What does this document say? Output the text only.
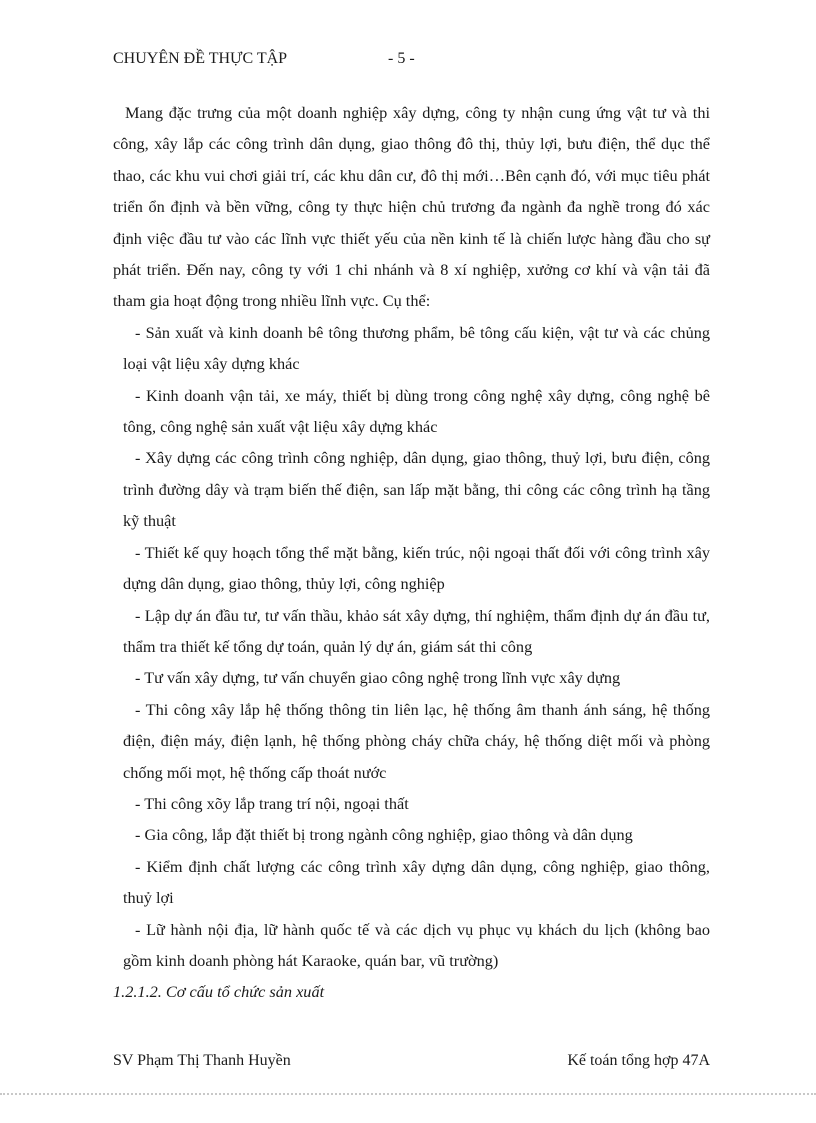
CHUYÊN ĐỀ THỰC TẬP	- 5 -

Mang đặc trưng của một doanh nghiệp xây dựng, công ty nhận cung ứng vật tư và thi công, xây lắp các công trình dân dụng, giao thông đô thị, thủy lợi, bưu điện, thể dục thể thao, các khu vui chơi giải trí, các khu dân cư, đô thị mới…Bên cạnh đó, với mục tiêu phát triển ổn định và bền vững, công ty thực hiện chủ trương đa ngành đa nghề trong đó xác định việc đầu tư vào các lĩnh vực thiết yếu của nền kinh tế là chiến lược hàng đầu cho sự phát triển. Đến nay, công ty với 1 chi nhánh và 8 xí nghiệp, xưởng cơ khí và vận tải đã tham gia hoạt động trong nhiều lĩnh vực. Cụ thể:

- Sản xuất và kinh doanh bê tông thương phẩm, bê tông cấu kiện, vật tư và các chủng loại vật liệu xây dựng khác

- Kinh doanh vận tải, xe máy, thiết bị dùng trong công nghệ xây dựng, công nghệ bê tông, công nghệ sản xuất vật liệu xây dựng khác

- Xây dựng các công trình công nghiệp, dân dụng, giao thông, thuỷ lợi, bưu điện, công trình đường dây và trạm biến thế điện, san lấp mặt bằng, thi công các công trình hạ tầng kỹ thuật

- Thiết kế quy hoạch tổng thể mặt bằng, kiến trúc, nội ngoại thất đối với công trình xây dựng dân dụng, giao thông, thủy lợi, công nghiệp

- Lập dự án đầu tư, tư vấn thầu, khảo sát xây dựng, thí nghiệm, thẩm định dự án đầu tư, thẩm tra thiết kế tổng dự toán, quản lý dự án, giám sát thi công

- Tư vấn xây dựng, tư vấn chuyển giao công nghệ trong lĩnh vực xây dựng

- Thi công xây lắp hệ thống thông tin liên lạc, hệ thống âm thanh ánh sáng, hệ thống điện, điện máy, điện lạnh, hệ thống phòng cháy chữa cháy, hệ thống diệt mối và phòng chống mối mọt, hệ thống cấp thoát nước

- Thi công xõy lắp trang trí nội, ngoại thất

- Gia công, lắp đặt thiết bị trong ngành công nghiệp, giao thông và dân dụng

- Kiểm định chất lượng các công trình xây dựng dân dụng, công nghiệp, giao thông, thuỷ lợi

- Lữ hành nội địa, lữ hành quốc tế và các dịch vụ phục vụ khách du lịch (không bao gồm kinh doanh phòng hát Karaoke, quán bar, vũ trường)

1.2.1.2. Cơ cấu tổ chức sản xuất

SV Phạm Thị Thanh Huyền	Kế toán tổng hợp 47A
